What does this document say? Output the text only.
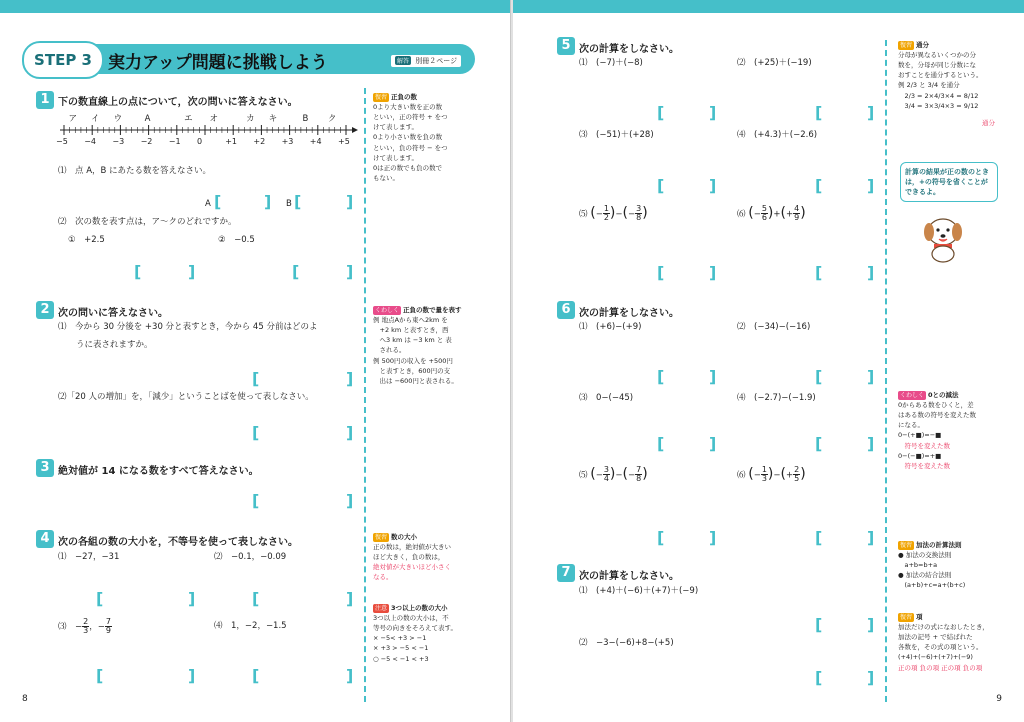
STEP 3 実力アップ問題に挑戦しよう	解答 別冊２ページ
1 下の数直線上の点について，次の問いに答えなさい。
ア イ ウ	A	エ オ	カ キ	B ク
−5 −4 −3 −2 −1 0	+1 +2 +3 +4 +5
⑴　点 A，B にあたる数を答えなさい。
A [	] B [	]
⑵　次の数を表す点は，ア〜クのどれですか。
①　+2.5	②　−0.5
[	]	[	]
2 次の問いに答えなさい。
⑴　今から 30 分後を +30 分と表すとき，今から 45 分前はどのよ
うに表されますか。
[	]
⑵「20 人の増加」を，「減少」ということばを使って表しなさい。
[	]
3 絶対値が 14 になる数をすべて答えなさい。
[	]
4 次の各組の数の大小を，不等号を使って表しなさい。
⑴　−27，−31	⑵　−0.1，−0.09
[	]	[	]
⑶　− $\frac{2}{3}$ ，− $\frac{7}{9}$	⑷　1，−2，−1.5
[	]	[	]
復習 正負の数
0より大きい数を正の数
といい，正の符号 + をつ
けて表します。
0より小さい数を負の数
といい，負の符号 − をつ
けて表します。
0は正の数でも負の数で
もない。
くわしく 正負の数で量を表す
例 地点Aから東へ2km を
　+2 km と表すとき，西
　へ3 km は −3 km と 表
　される。
例 500円の収入を +500円
　と表すとき，600円の支
　出は −600円と表される。
復習 数の大小
正の数は，絶対値が大きい
ほど大きく，負の数は，
絶対値が大きいほど小さく
なる。
注意 3つ以上の数の大小
3つ以上の数の大小は，不
等号の向きをそろえて表す。
× −5< +3 > −1
× +3 > −5 < −1
○ −5 < −1 < +3
8
5 次の計算をしなさい。
⑴　(−7)＋(−8)	⑵　(+25)＋(−19)
[	]	[	]
⑶　(−51)＋(+28)	⑷　(+4.3)＋(−2.6)
[	]	[	]
⑸ (− $\frac{1}{2}$ )−(− $\frac{3}{8}$ )	⑹ (− $\frac{5}{6}$ )+(+ $\frac{4}{9}$ )
[	]	[	]
6 次の計算をしなさい。
⑴　(+6)−(+9)	⑵　(−34)−(−16)
[	]	[	]
⑶　0−(−45)	⑷　(−2.7)−(−1.9)
[	]	[	]
⑸ (− $\frac{3}{4}$ )−(− $\frac{7}{8}$ )	⑹ (− $\frac{1}{3}$ )−(+ $\frac{2}{5}$ )
[	]	[	]
7 次の計算をしなさい。
⑴　(+4)＋(−6)＋(+7)＋(−9)
[	]
⑵　−3−(−6)+8−(+5)
[	]
復習 通分
分母が異なるいくつかの分
数を，分母が同じ分数にな
おすことを通分するという。
例 2/3 と 3/4 を通分
　2/3 = 2×4/3×4 = 8/12
　3/4 = 3×3/4×3 = 9/12
通分
計算の結果が正の数のときは，+の符号を省くことができるよ。
くわしく 0との減法
0からある数をひくと，差
はある数の符号を変えた数
になる。
0−(+■)=−■
　符号を変えた数
0−(−■)=+■
　符号を変えた数
復習 加法の計算法則
● 加法の交換法則
　a+b=b+a
● 加法の結合法則
　(a+b)+c=a+(b+c)
復習 項
加法だけの式になおしたとき，
加法の記号 + で結ばれた
各数を，その式の項という。
(+4)+(−6)+(+7)+(−9)
正の項 負の項 正の項 負の項
9
